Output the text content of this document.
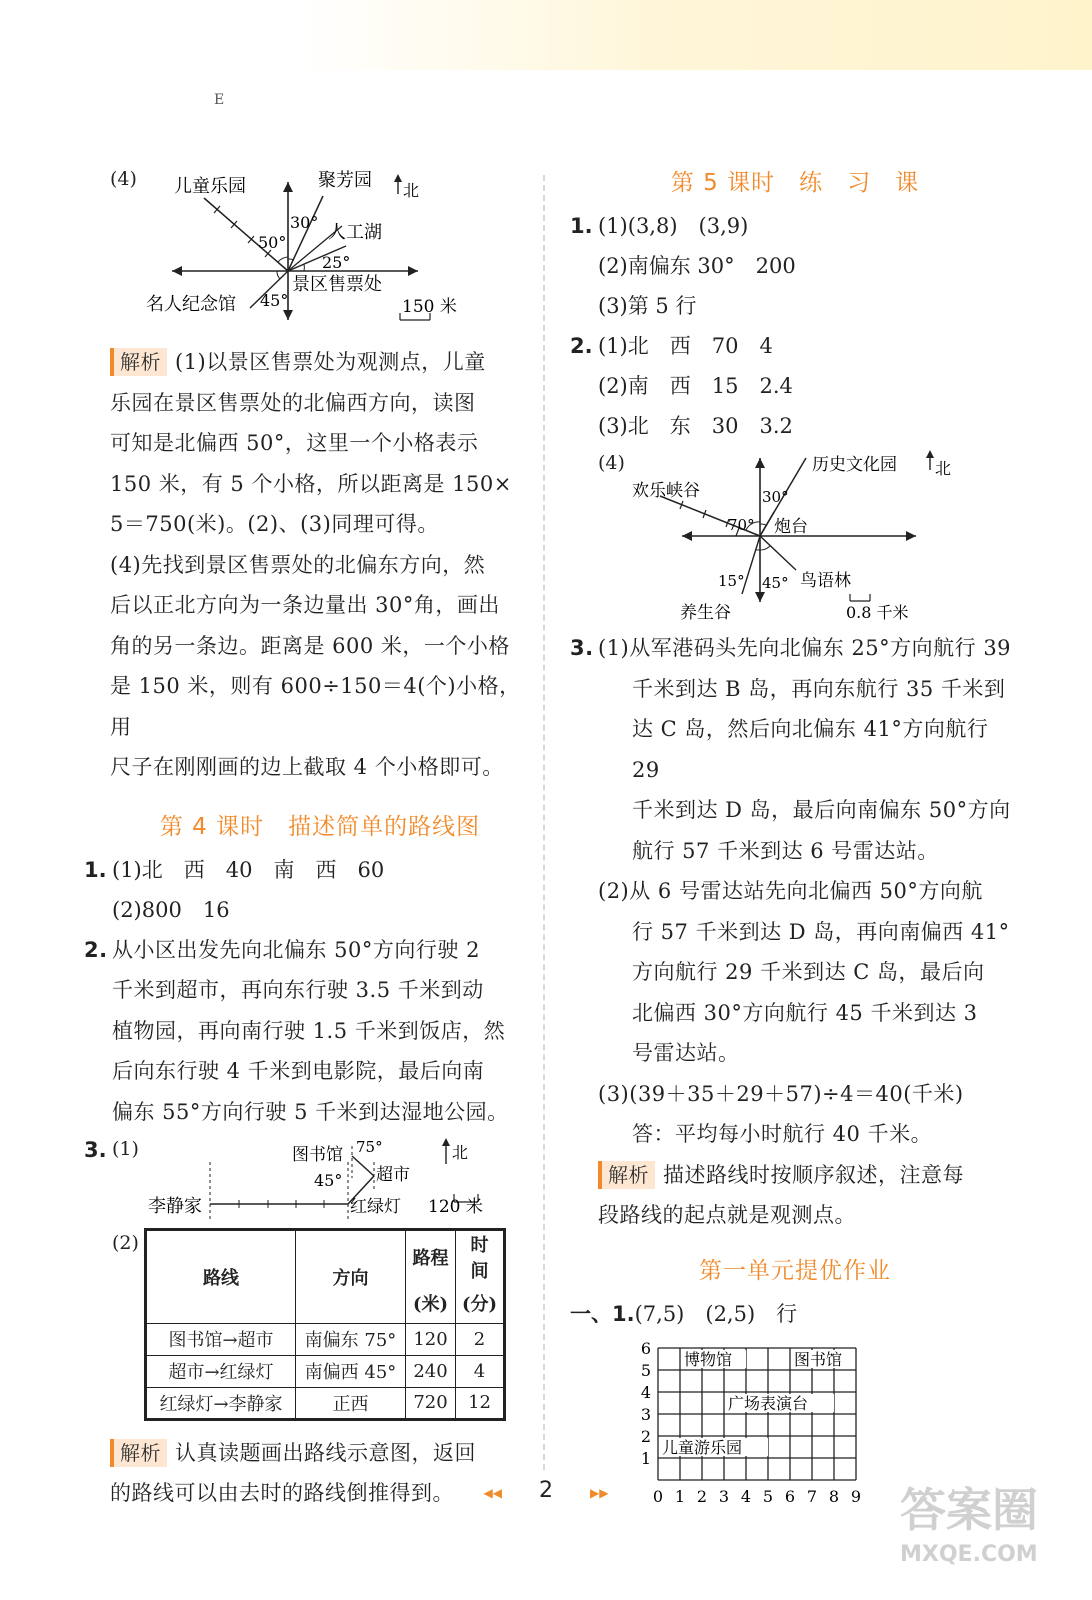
E
(4) 儿童乐园	聚芳园 北
30°
50° 人工湖
25°
名人纪念馆 45°
景区售票处
150 米
解析 (1)以景区售票处为观测点，儿童
乐园在景区售票处的北偏西方向，读图
可知是北偏西 50°，这里一个小格表示
150 米，有 5 个小格，所以距离是 150×
5＝750(米)。(2)、(3)同理可得。
(4)先找到景区售票处的北偏东方向，然
后以正北方向为一条边量出 30°角，画出
角的另一条边。距离是 600 米，一个小格
是 150 米，则有 600÷150＝4(个)小格，用
尺子在刚刚画的边上截取 4 个小格即可。
第 4 课时　描述简单的路线图
1. (1)北　西　40　南　西　60
(2)800　16
2. 从小区出发先向北偏东 50°方向行驶 2
千米到超市，再向东行驶 3.5 千米到动
植物园，再向南行驶 1.5 千米到饭店，然
后向东行驶 4 千米到电影院，最后向南
偏东 55°方向行驶 5 千米到达湿地公园。
3. (1)	图书馆 75°	北
45° 超市
李静家	红绿灯 120 米
(2)
路线	方向	路程	时间
		(米)	(分)
图书馆→超市	南偏东 75°	120	2
超市→红绿灯	南偏西 45°	240	4
红绿灯→李静家	正西	720	12
解析 认真读题画出路线示意图，返回
的路线可以由去时的路线倒推得到。
第 5 课时　练　习　课
1. (1)(3,8)　(3,9)
(2)南偏东 30°　200
(3)第 5 行
2. (1)北　西　70　4
(2)南　西　15　2.4
(3)北　东　30　3.2
(4)	历史文化园 北
欢乐峡谷	30°
70° 炮台
15° 45° 鸟语林
养生谷	0.8 千米
3. (1)从军港码头先向北偏东 25°方向航行 39
千米到达 B 岛，再向东航行 35 千米到
达 C 岛，然后向北偏东 41°方向航行 29
千米到达 D 岛，最后向南偏东 50°方向
航行 57 千米到达 6 号雷达站。
(2)从 6 号雷达站先向北偏西 50°方向航
行 57 千米到达 D 岛，再向南偏西 41°
方向航行 29 千米到达 C 岛，最后向
北偏西 30°方向航行 45 千米到达 3
号雷达站。
(3)(39＋35＋29＋57)÷4＝40(千米)
答：平均每小时航行 40 千米。
解析 描述路线时按顺序叙述，注意每
段路线的起点就是观测点。
第一单元提优作业
一、1.(7,5)　(2,5)　行
博物馆	图书馆
广场表演台
儿童游乐园
0 1 2 3 4 5 6 7 8 9
6
5
4
3
2
1
◀◀ 2	▶▶	答案圈
MXQE.COM
